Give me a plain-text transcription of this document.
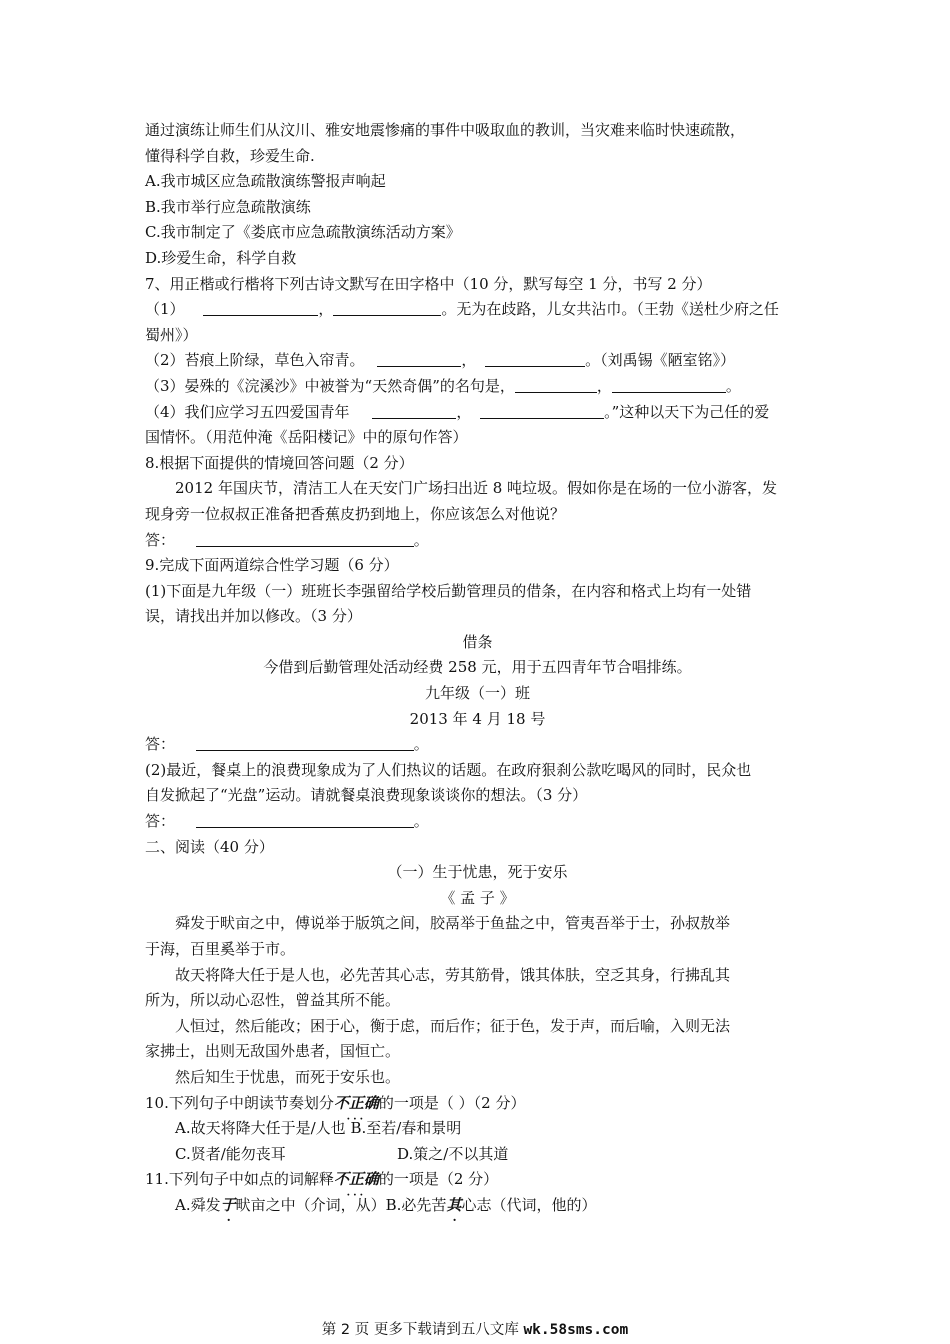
通过演练让师生们从汶川、雅安地震惨痛的事件中吸取血的教训，当灾难来临时快速疏散，
懂得科学自救，珍爱生命.
A.我市城区应急疏散演练警报声响起
B.我市举行应急疏散演练
C.我市制定了《娄底市应急疏散演练活动方案》
D.珍爱生命，科学自救
7、用正楷或行楷将下列古诗文默写在田字格中（10 分，默写每空 1 分，书写 2 分）
（1）	，	。无为在歧路，儿女共沾巾。（王勃《送杜少府之任
蜀州》）
（2）苔痕上阶绿，草色入帘青。	，	。（刘禹锡《陋室铭》）
（3）晏殊的《浣溪沙》中被誉为“天然奇偶”的名句是，	，	。
（4）我们应学习五四爱国青年	，	。”这种以天下为己任的爱
国情怀。（用范仲淹《岳阳楼记》中的原句作答）
8.根据下面提供的情境回答问题（2 分）
2012 年国庆节，清洁工人在天安门广场扫出近 8 吨垃圾。假如你是在场的一位小游客，发
现身旁一位叔叔正准备把香蕉皮扔到地上，你应该怎么对他说？
答：	。
9.完成下面两道综合性学习题（6 分）
(1)下面是九年级（一）班班长李强留给学校后勤管理员的借条，在内容和格式上均有一处错
误，请找出并加以修改。（3 分）
借条
今借到后勤管理处活动经费 258 元，用于五四青年节合唱排练。
九年级（一）班
2013 年 4 月 18 号
答：	。
(2)最近，餐桌上的浪费现象成为了人们热议的话题。在政府狠刹公款吃喝风的同时，民众也
自发掀起了“光盘”运动。请就餐桌浪费现象谈谈你的想法。（3 分）
答：	。
二、阅读（40 分）
（一）生于忧患，死于安乐
《 孟 子 》
舜发于畎亩之中，傅说举于版筑之间，胶鬲举于鱼盐之中，管夷吾举于士，孙叔敖举
于海，百里奚举于市。
故天将降大任于是人也，必先苦其心志，劳其筋骨，饿其体肤，空乏其身，行拂乱其
所为，所以动心忍性，曾益其所不能。
人恒过，然后能改；困于心，衡于虑，而后作；征于色，发于声，而后喻，入则无法
家拂士，出则无敌国外患者，国恒亡。
然后知生于忧患，而死于安乐也。
10.下列句子中朗读节奏划分不正确 ···的一项是（ ）（2 分）
A.故天将降大任于是/人也 B.至若/春和景明
C.贤者/能勿丧耳	D.策之/不以其道
11.下列句子中如点的词解释不正确 ···的一项是（2 分）
A.舜发于畎亩之中（介词，从）B.必先苦其心志（代词，他的）
第 2 页 更多下载请到五八文库 wk.58sms.com
